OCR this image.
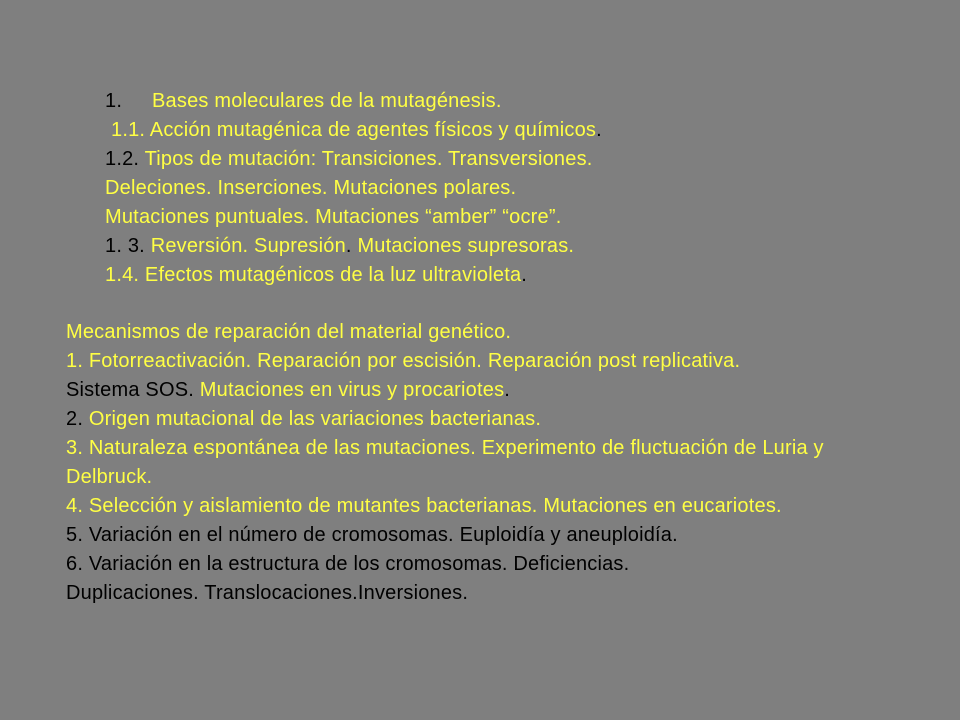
1. Bases moleculares de la mutagénesis.
1.1. Acción mutagénica de agentes físicos y químicos.
1.2. Tipos de mutación: Transiciones. Transversiones.
Deleciones. Inserciones. Mutaciones polares.
Mutaciones puntuales. Mutaciones “amber” “ocre”.
1. 3. Reversión. Supresión. Mutaciones supresoras.
1.4. Efectos mutagénicos de la luz ultravioleta.
Mecanismos de reparación del material genético.
1. Fotorreactivación. Reparación por escisión. Reparación post replicativa.
Sistema SOS. Mutaciones en virus y procariotes.
2. Origen mutacional de las variaciones bacterianas.
3. Naturaleza espontánea de las mutaciones. Experimento de fluctuación de Luria y Delbruck.
4. Selección y aislamiento de mutantes bacterianas. Mutaciones en eucariotes.
5. Variación en el número de cromosomas. Euploidía y aneuploidía.
6. Variación en la estructura de los cromosomas. Deficiencias. Duplicaciones. Translocaciones.Inversiones.
